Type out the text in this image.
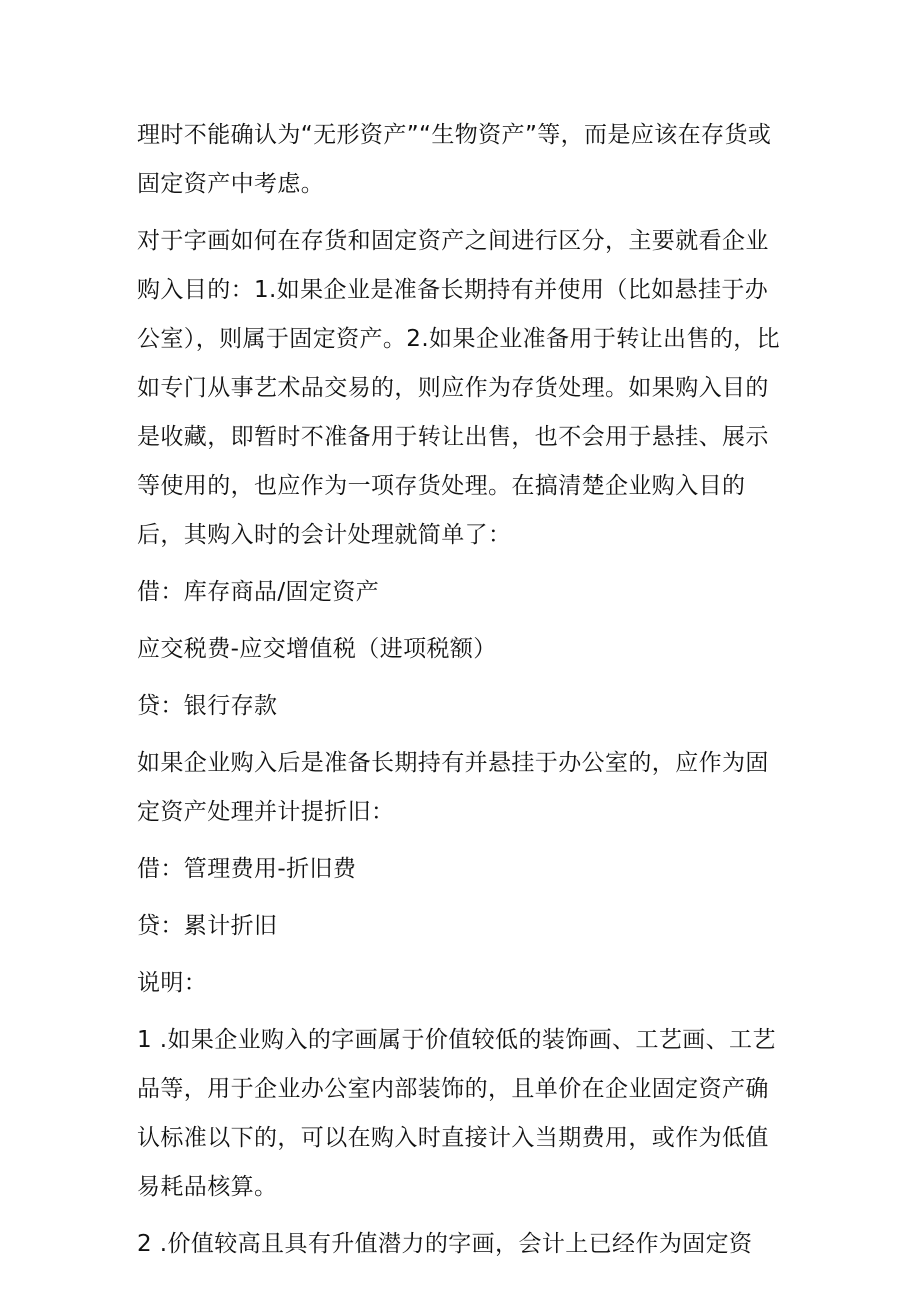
理时不能确认为“无形资产”“生物资产”等，而是应该在存货或固定资产中考虑。

对于字画如何在存货和固定资产之间进行区分，主要就看企业购入目的：1.如果企业是准备长期持有并使用（比如悬挂于办公室），则属于固定资产。2.如果企业准备用于转让出售的，比如专门从事艺术品交易的，则应作为存货处理。如果购入目的是收藏，即暂时不准备用于转让出售，也不会用于悬挂、展示等使用的，也应作为一项存货处理。在搞清楚企业购入目的后，其购入时的会计处理就简单了：

借：库存商品/固定资产

应交税费-应交增值税（进项税额）

贷：银行存款

如果企业购入后是准备长期持有并悬挂于办公室的，应作为固定资产处理并计提折旧：

借：管理费用-折旧费

贷：累计折旧

说明：

1 .如果企业购入的字画属于价值较低的装饰画、工艺画、工艺品等，用于企业办公室内部装饰的，且单价在企业固定资产确认标准以下的，可以在购入时直接计入当期费用，或作为低值易耗品核算。

2 .价值较高且具有升值潜力的字画，会计上已经作为固定资
